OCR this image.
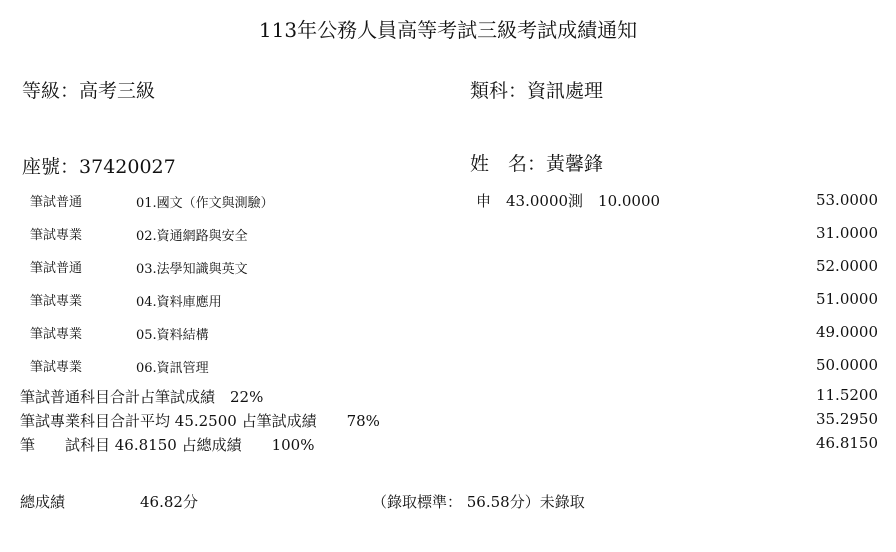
113年公務人員高等考試三級考試成績通知
等級：高考三級	類科：資訊處理
座號：37420027	姓　名：黃馨鋒
筆試普通	01.國文（作文與測驗）	申　43.0000測　10.0000	53.0000
筆試專業	02.資通網路與安全	31.0000
筆試普通	03.法學知識與英文	52.0000
筆試專業	04.資料庫應用	51.0000
筆試專業	05.資料結構	49.0000
筆試專業	06.資訊管理	50.0000
筆試普通科目合計占筆試成績　22%	11.5200
筆試專業科目合計平均 45.2500 占筆試成績　　78%	35.2950
筆　　試科目 46.8150 占總成績　　100%	46.8150
總成績	46.82分	（錄取標準： 56.58分）未錄取
